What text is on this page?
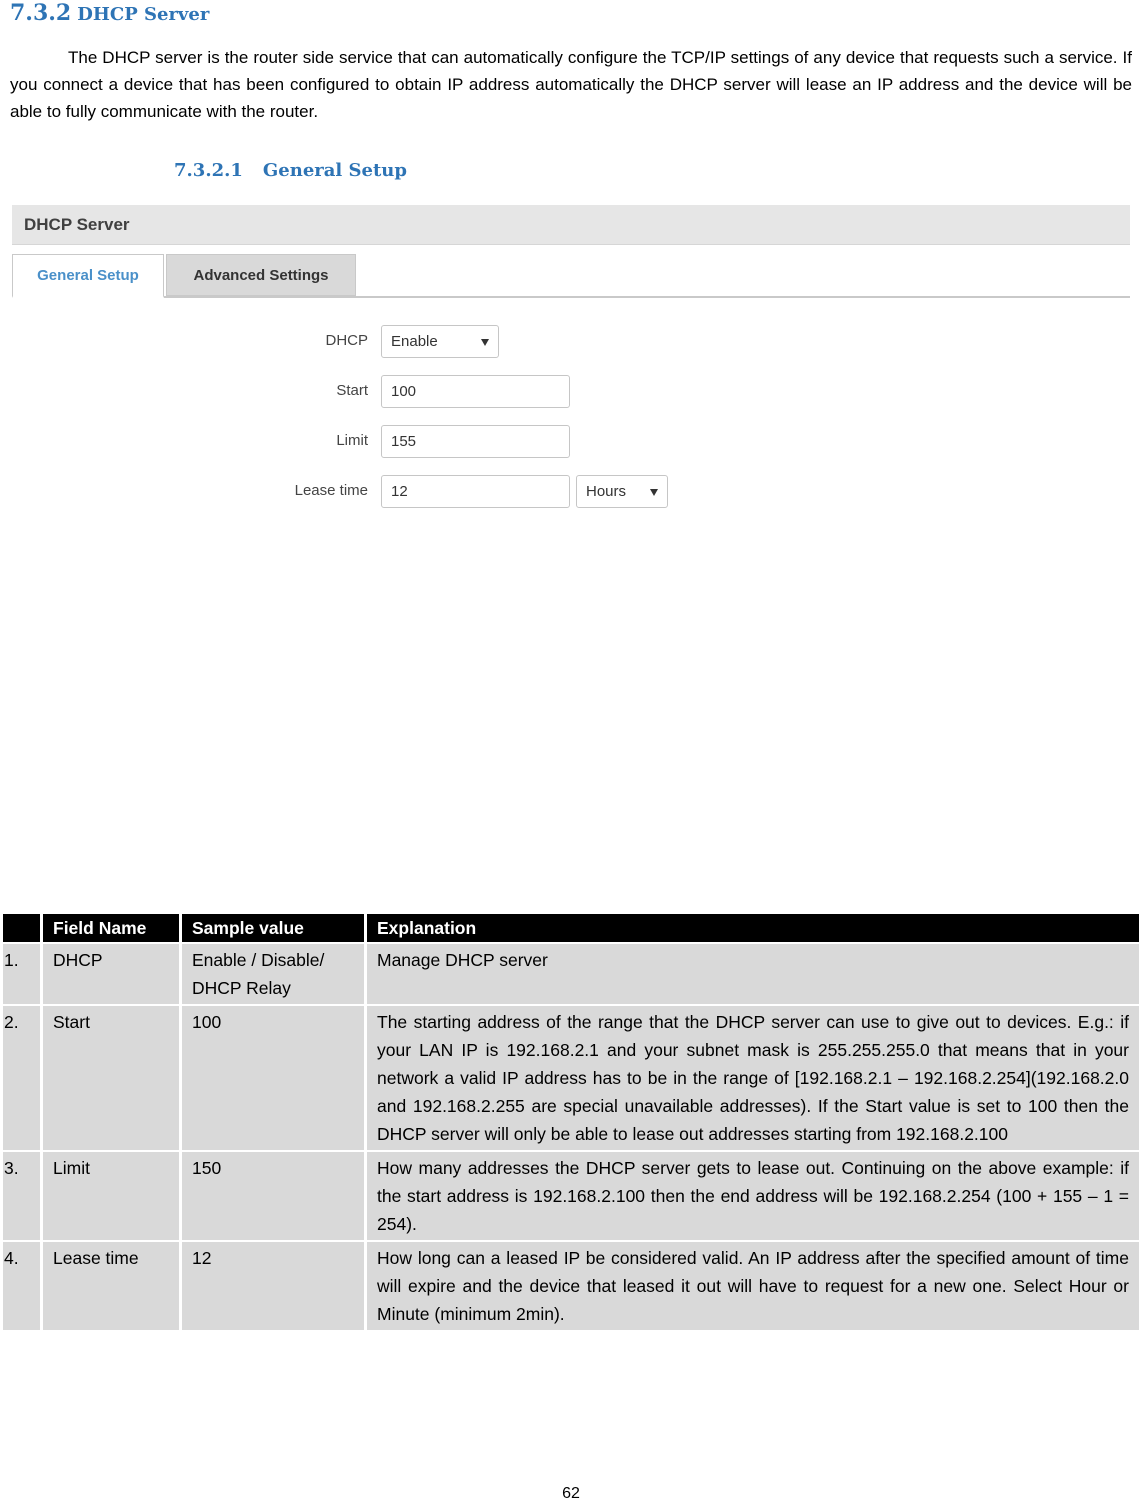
7.3.2 DHCP Server

The DHCP server is the router side service that can automatically configure the TCP/IP settings of any device that requests such a service. If you connect a device that has been configured to obtain IP address automatically the DHCP server will lease an IP address and the device will be able to fully communicate with the router.

7.3.2.1 General Setup
DHCP Server
General Setup	Advanced Settings
DHCP Enable
Start	100
Limit	155
Lease time	12	Hours
	Field Name	Sample value	Explanation
1.	DHCP	Enable / Disable/ DHCP Relay	Manage DHCP server
2.	Start	100	The starting address of the range that the DHCP server can use to give out to devices. E.g.: if your LAN IP is 192.168.2.1 and your subnet mask is 255.255.255.0 that means that in your network a valid IP address has to be in the range of [192.168.2.1 – 192.168.2.254](192.168.2.0 and 192.168.2.255 are special unavailable addresses). If the Start value is set to 100 then the DHCP server will only be able to lease out addresses starting from 192.168.2.100
3.	Limit	150	How many addresses the DHCP server gets to lease out. Continuing on the above example: if the start address is 192.168.2.100 then the end address will be 192.168.2.254 (100 + 155 – 1 = 254).
4.	Lease time	12	How long can a leased IP be considered valid. An IP address after the specified amount of time will expire and the device that leased it out will have to request for a new one. Select Hour or Minute (minimum 2min).
62
